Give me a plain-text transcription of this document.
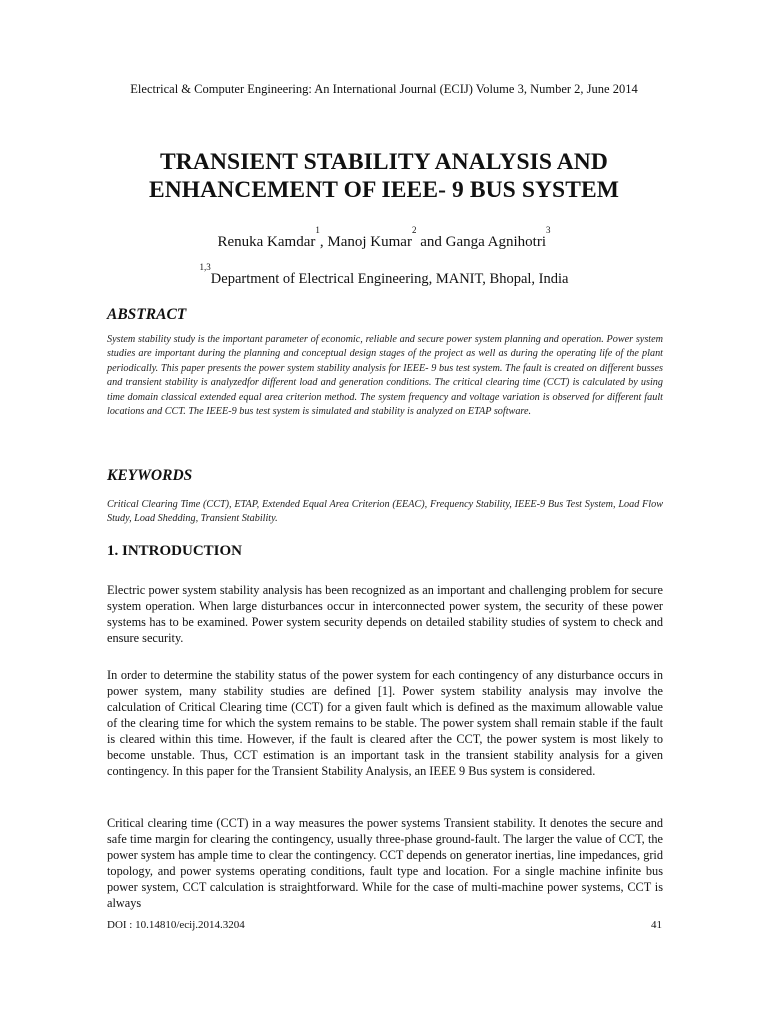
Electrical & Computer Engineering: An International Journal (ECIJ) Volume 3, Number 2, June 2014
TRANSIENT STABILITY ANALYSIS AND
ENHANCEMENT OF IEEE- 9 BUS SYSTEM
Renuka Kamdar$^1$, Manoj Kumar$^2$ and Ganga Agnihotri$^3$
$^{1,3}$Department of Electrical Engineering, MANIT, Bhopal, India
ABSTRACT
System stability study is the important parameter of economic, reliable and secure power system planning and operation. Power system studies are important during the planning and conceptual design stages of the project as well as during the operating life of the plant periodically. This paper presents the power system stability analysis for IEEE- 9 bus test system. The fault is created on different busses and transient stability is analyzedfor different load and generation conditions. The critical clearing time (CCT) is calculated by using time domain classical extended equal area criterion method. The system frequency and voltage variation is observed for different fault locations and CCT. The IEEE-9 bus test system is simulated and stability is analyzed on ETAP software.
KEYWORDS
Critical Clearing Time (CCT), ETAP, Extended Equal Area Criterion (EEAC), Frequency Stability, IEEE-9 Bus Test System, Load Flow Study, Load Shedding, Transient Stability.
1. INTRODUCTION

Electric power system stability analysis has been recognized as an important and challenging problem for secure system operation. When large disturbances occur in interconnected power system, the security of these power systems has to be examined. Power system security depends on detailed stability studies of system to check and ensure security.

In order to determine the stability status of the power system for each contingency of any disturbance occurs in power system, many stability studies are defined [1]. Power system stability analysis may involve the calculation of Critical Clearing time (CCT) for a given fault which is defined as the maximum allowable value of the clearing time for which the system remains to be stable. The power system shall remain stable if the fault is cleared within this time. However, if the fault is cleared after the CCT, the power system is most likely to become unstable. Thus, CCT estimation is an important task in the transient stability analysis for a given contingency. In this paper for the Transient Stability Analysis, an IEEE 9 Bus system is considered.

Critical clearing time (CCT) in a way measures the power systems Transient stability. It denotes the secure and safe time margin for clearing the contingency, usually three-phase ground-fault. The larger the value of CCT, the power system has ample time to clear the contingency. CCT depends on generator inertias, line impedances, grid topology, and power systems operating conditions, fault type and location. For a single machine infinite bus power system, CCT calculation is straightforward. While for the case of multi-machine power systems, CCT is always

DOI : 10.14810/ecij.2014.3204	41
